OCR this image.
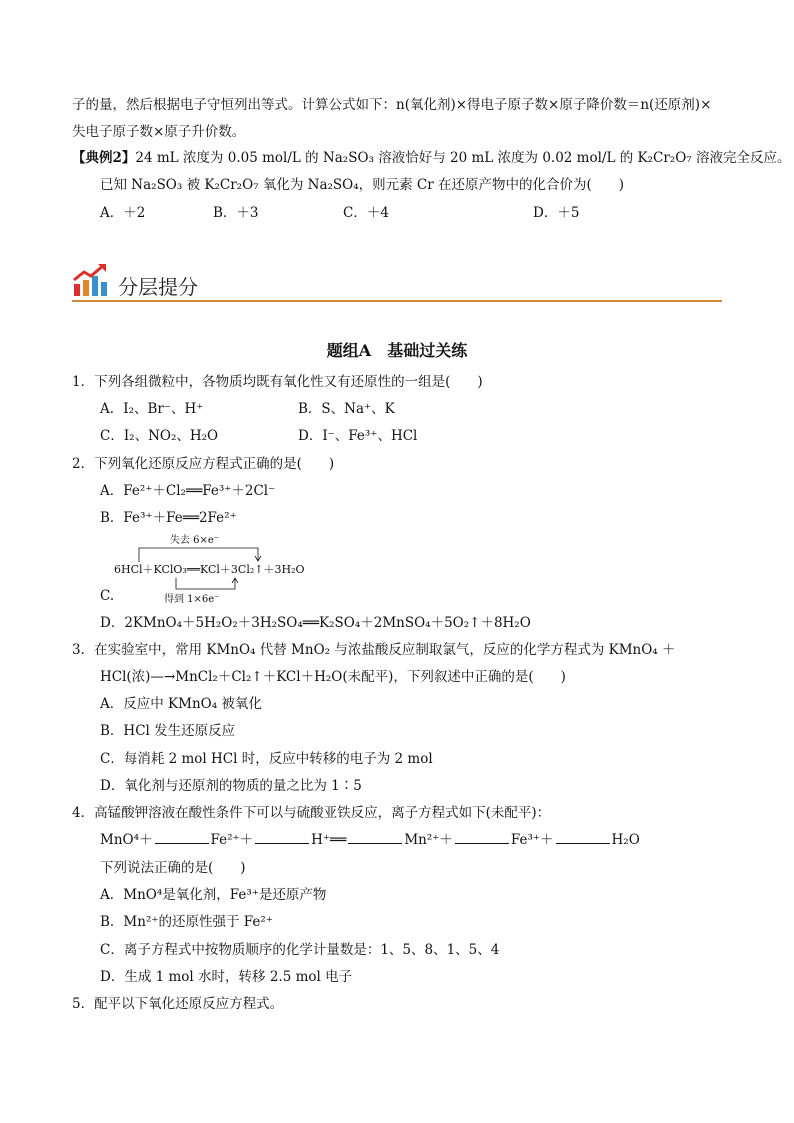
子的量，然后根据电子守恒列出等式。计算公式如下：n(氧化剂)×得电子原子数×原子降价数＝n(还原剂)×
失电子原子数×原子升价数。
【典例2】24 mL 浓度为 0.05 mol/L 的 Na₂SO₃ 溶液恰好与 20 mL 浓度为 0.02 mol/L 的 K₂Cr₂O₇ 溶液完全反应。
已知 Na₂SO₃ 被 K₂Cr₂O₇ 氧化为 Na₂SO₄，则元素 Cr 在还原产物中的化合价为(　　)
A．＋2	B．＋3	C．＋4	D．＋5
分层提分
题组A　基础过关练
1．下列各组微粒中，各物质均既有氧化性又有还原性的一组是(　　)
A．I₂、Br⁻、H⁺	B．S、Na⁺、K
C．I₂、NO₂、H₂O	D．I⁻、Fe³⁺、HCl
2．下列氧化还原反应方程式正确的是(　　)
A．Fe²⁺＋Cl₂══Fe³⁺＋2Cl⁻
B．Fe³⁺＋Fe══2Fe²⁺
失去 6×e⁻
6HCl＋KClO₃══KCl＋3Cl₂↑＋3H₂O
得到 1×6e⁻
C.
D．2KMnO₄＋5H₂O₂＋3H₂SO₄══K₂SO₄＋2MnSO₄＋5O₂↑＋8H₂O
3．在实验室中，常用 KMnO₄ 代替 MnO₂ 与浓盐酸反应制取氯气，反应的化学方程式为 KMnO₄ ＋
HCl(浓)—→MnCl₂＋Cl₂↑＋KCl＋H₂O(未配平)，下列叙述中正确的是(　　)
A．反应中 KMnO₄ 被氧化
B．HCl 发生还原反应
C．每消耗 2 mol HCl 时，反应中转移的电子为 2 mol
D．氧化剂与还原剂的物质的量之比为 1∶5
4．高锰酸钾溶液在酸性条件下可以与硫酸亚铁反应，离子方程式如下(未配平)：
MnO⁴＋	Fe²⁺＋	H⁺══	Mn²⁺＋	Fe³⁺＋	H₂O
下列说法正确的是(　　)
A．MnO⁴是氧化剂，Fe³⁺是还原产物
B．Mn²⁺的还原性强于 Fe²⁺
C．离子方程式中按物质顺序的化学计量数是：1、5、8、1、5、4
D．生成 1 mol 水时，转移 2.5 mol 电子
5．配平以下氧化还原反应方程式。
